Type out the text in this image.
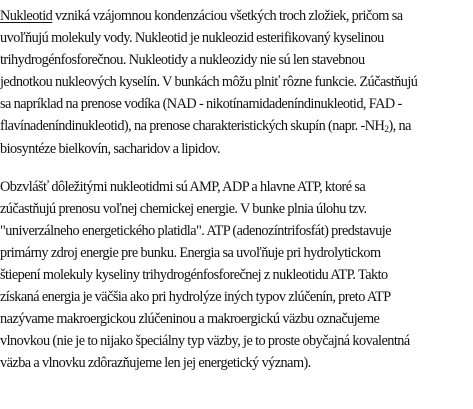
Nukleotid vzniká vzájomnou kondenzáciou všetkých troch zložiek, pričom sa
uvoľňujú molekuly vody. Nukleotid je nukleozid esterifikovaný kyselinou
trihydrogénfosforečnou. Nukleotidy a nukleozidy nie sú len stavebnou
jednotkou nukleových kyselín. V bunkách môžu plniť rôzne funkcie. Zúčastňujú
sa napríklad na prenose vodíka (NAD - nikotínamidadeníndinukleotid, FAD -
flavínadeníndinukleotid), na prenose charakteristických skupín (napr. $-NH_2$), na
biosyntéze bielkovín, sacharidov a lipidov.
Obzvlášť dôležitými nukleotidmi sú AMP, ADP a hlavne ATP, ktoré sa
zúčastňujú prenosu voľnej chemickej energie. V bunke plnia úlohu tzv.
"univerzálneho energetického platidla". ATP (adenozíntrifosfát) predstavuje
primárny zdroj energie pre bunku. Energia sa uvoľňuje pri hydrolytickom
štiepení molekuly kyseliny trihydrogénfosforečnej z nukleotidu ATP. Takto
získaná energia je väčšia ako pri hydrolýze iných typov zlúčenín, preto ATP
nazývame makroergickou zlúčeninou a makroergickú väzbu označujeme
vlnovkou (nie je to nijako špeciálny typ väzby, je to proste obyčajná kovalentná
väzba a vlnovku zdôrazňujeme len jej energetický význam).
